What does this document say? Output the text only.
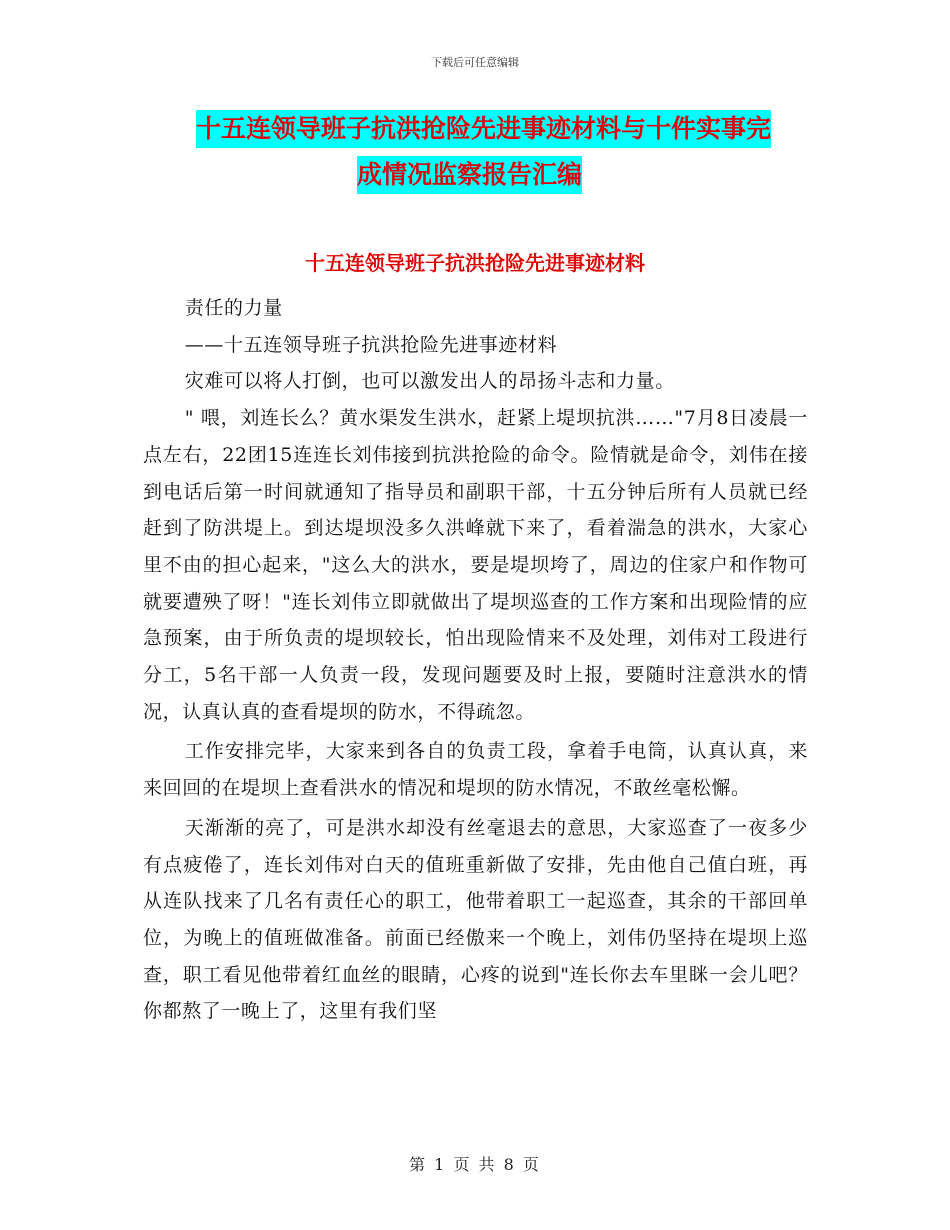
下载后可任意编辑
十五连领导班子抗洪抢险先进事迹材料与十件实事完
成情况监察报告汇编
十五连领导班子抗洪抢险先进事迹材料

责任的力量

——十五连领导班子抗洪抢险先进事迹材料

灾难可以将人打倒，也可以激发出人的昂扬斗志和力量。

" 喂，刘连长么？黄水渠发生洪水，赶紧上堤坝抗洪……"7月8日凌晨一点左右，22团15连连长刘伟接到抗洪抢险的命令。险情就是命令，刘伟在接到电话后第一时间就通知了指导员和副职干部，十五分钟后所有人员就已经赶到了防洪堤上。到达堤坝没多久洪峰就下来了，看着湍急的洪水，大家心里不由的担心起来，"这么大的洪水，要是堤坝垮了，周边的住家户和作物可就要遭殃了呀！"连长刘伟立即就做出了堤坝巡查的工作方案和出现险情的应急预案，由于所负责的堤坝较长，怕出现险情来不及处理，刘伟对工段进行分工，5名干部一人负责一段，发现问题要及时上报，要随时注意洪水的情况，认真认真的查看堤坝的防水，不得疏忽。

工作安排完毕，大家来到各自的负责工段，拿着手电筒，认真认真，来来回回的在堤坝上查看洪水的情况和堤坝的防水情况，不敢丝毫松懈。

天渐渐的亮了，可是洪水却没有丝毫退去的意思，大家巡查了一夜多少有点疲倦了，连长刘伟对白天的值班重新做了安排，先由他自己值白班，再从连队找来了几名有责任心的职工，他带着职工一起巡查，其余的干部回单位，为晚上的值班做准备。前面已经傲来一个晚上，刘伟仍坚持在堤坝上巡查，职工看见他带着红血丝的眼睛，心疼的说到"连长你去车里眯一会儿吧？你都熬了一晚上了，这里有我们坚

第 1 页 共 8 页
